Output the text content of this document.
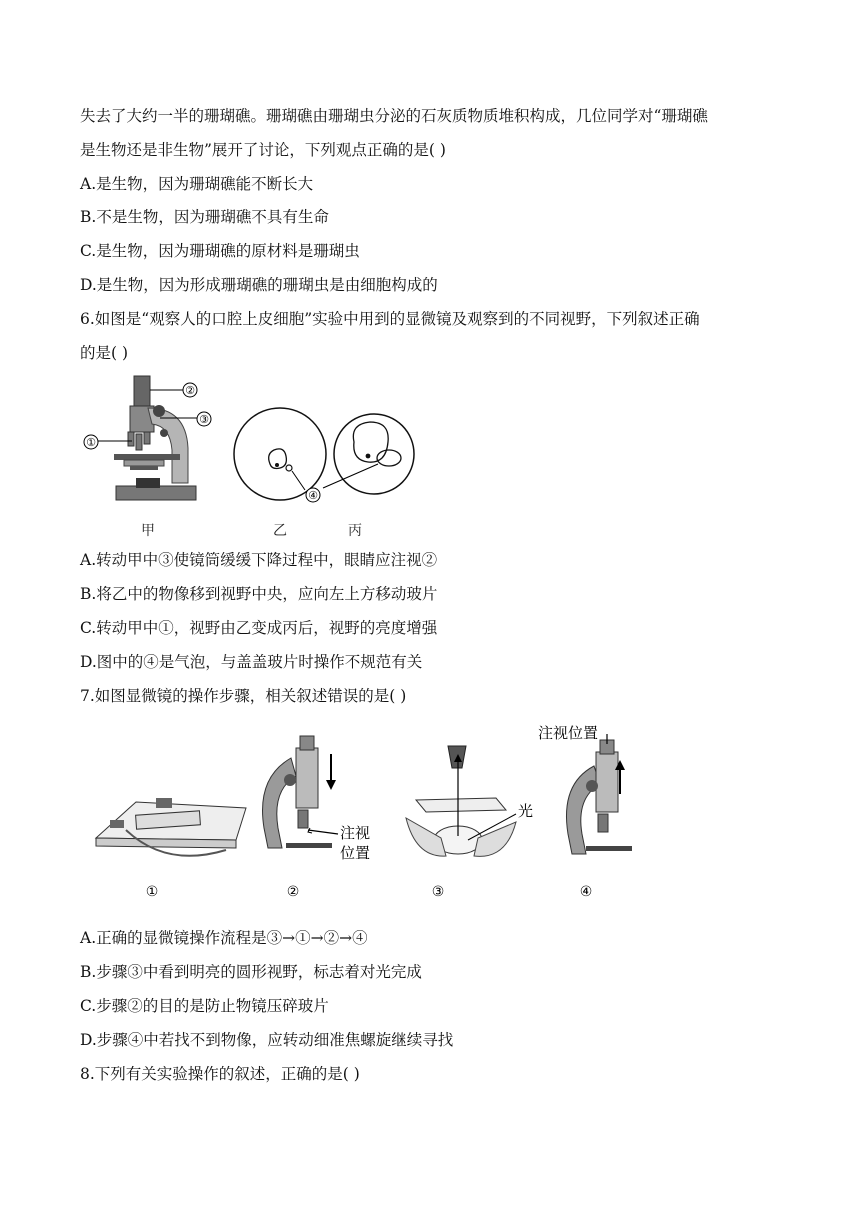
失去了大约一半的珊瑚礁。珊瑚礁由珊瑚虫分泌的石灰质物质堆积构成，几位同学对“珊瑚礁
是生物还是非生物”展开了讨论，下列观点正确的是( )
A.是生物，因为珊瑚礁能不断长大
B.不是生物，因为珊瑚礁不具有生命
C.是生物，因为珊瑚礁的原材料是珊瑚虫
D.是生物，因为形成珊瑚礁的珊瑚虫是由细胞构成的
6.如图是“观察人的口腔上皮细胞”实验中用到的显微镜及观察到的不同视野，下列叙述正确
的是( )
②
③
①
④
甲	乙	丙
A.转动甲中③使镜筒缓缓下降过程中，眼睛应注视②
B.将乙中的物像移到视野中央，应向左上方移动玻片
C.转动甲中①，视野由乙变成丙后，视野的亮度增强
D.图中的④是气泡，与盖盖玻片时操作不规范有关
7.如图显微镜的操作步骤，相关叙述错误的是( )
注视
位置
光
注视位置
①	②	③	④
A.正确的显微镜操作流程是③→①→②→④
B.步骤③中看到明亮的圆形视野，标志着对光完成
C.步骤②的目的是防止物镜压碎玻片
D.步骤④中若找不到物像，应转动细准焦螺旋继续寻找
8.下列有关实验操作的叙述，正确的是( )
